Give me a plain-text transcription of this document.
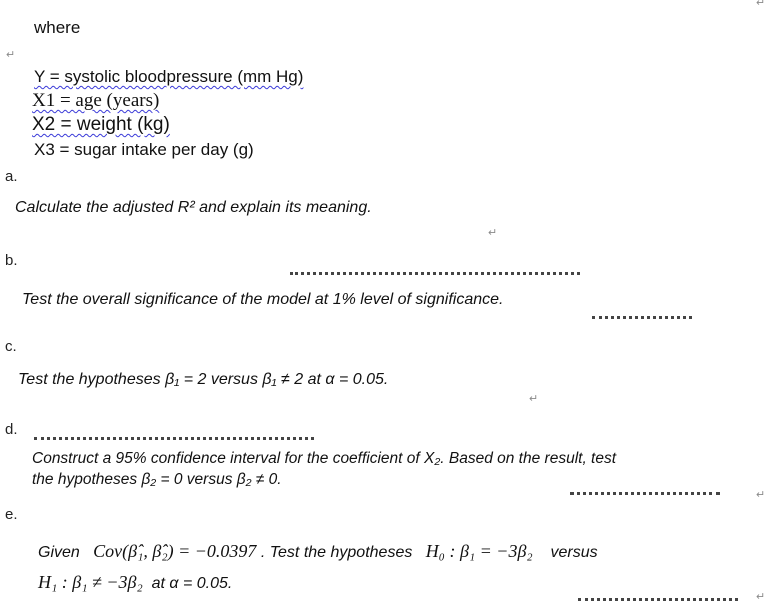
↵
↵
↵
↵
↵
↵
where
Y = systolic bloodpressure (mm Hg)
X1 = age (years)
X2 = weight (kg)
X3 = sugar intake per day (g)
a.
Calculate the adjusted R² and explain its meaning.
b.
Test the overall significance of the model at 1% level of significance.
c.
Test the hypotheses β₁ = 2 versus β₁ ≠ 2 at α = 0.05.
d.
Construct a 95% confidence interval for the coefficient of X₂. Based on the result, test
the hypotheses β₂ = 0 versus β₂ ≠ 0.
e.
Given Cov(β̂₁, β̂₂) = −0.0397 . Test the hypotheses H₀ : β₁ = −3β₂ versus
H₁ : β₁ ≠ −3β₂ at α = 0.05.
